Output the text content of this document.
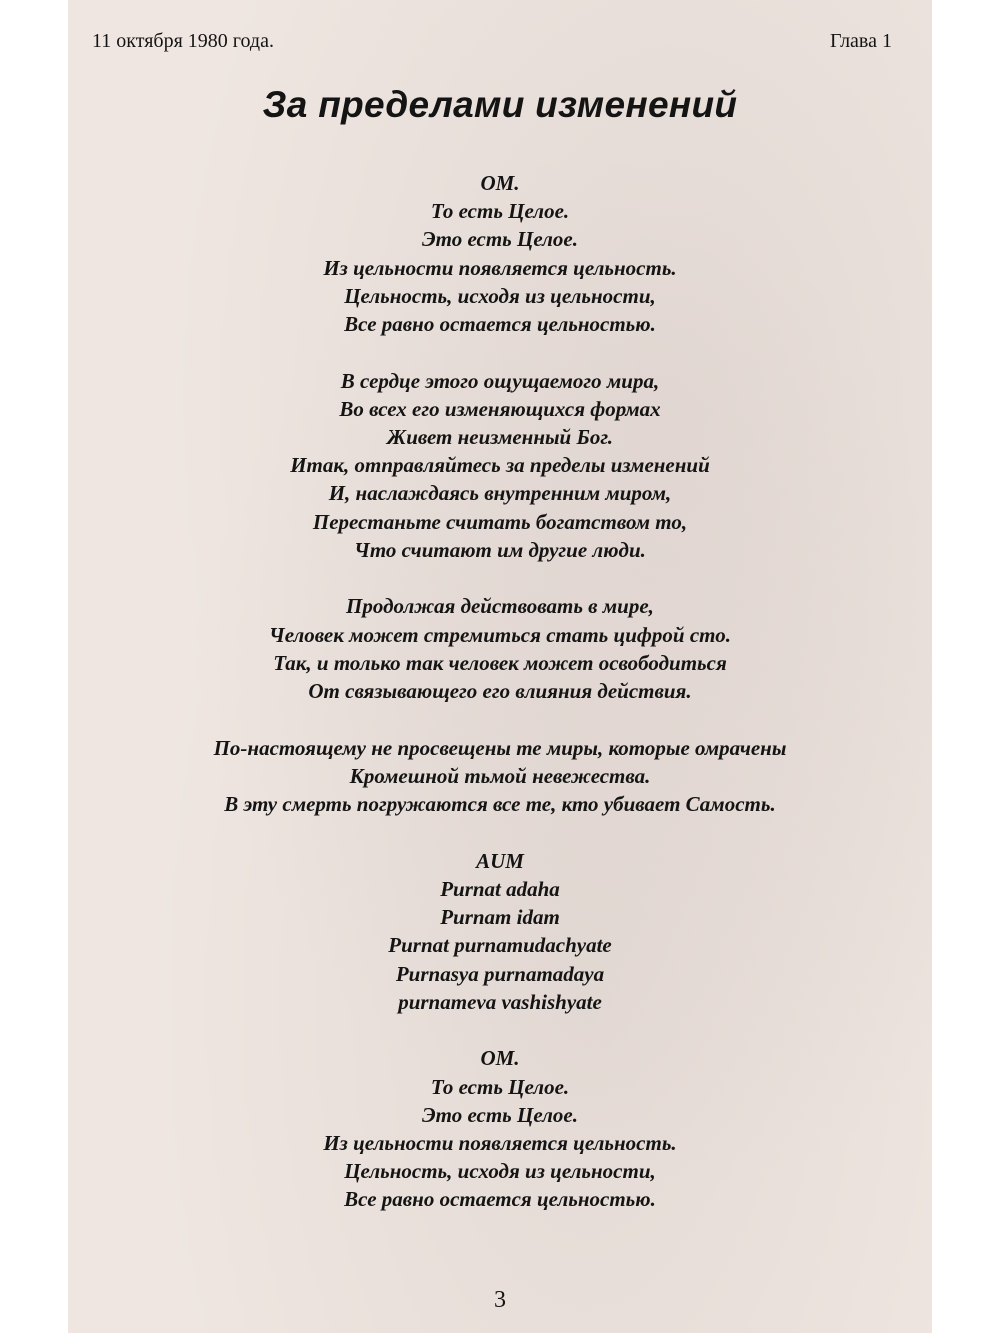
11 октября 1980 года.	Глава 1
За пределами изменений
ОМ.
То есть Целое.
Это есть Целое.
Из цельности появляется цельность.
Цельность, исходя из цельности,
Все равно остается цельностью.
В сердце этого ощущаемого мира,
Во всех его изменяющихся формах
Живет неизменный Бог.
Итак, отправляйтесь за пределы изменений
И, наслаждаясь внутренним миром,
Перестаньте считать богатством то,
Что считают им другие люди.
Продолжая действовать в мире,
Человек может стремиться стать цифрой сто.
Так, и только так человек может освободиться
От связывающего его влияния действия.
По-настоящему не просвещены те миры, которые омрачены
Кромешной тьмой невежества.
В эту смерть погружаются все те, кто убивает Самость.
AUM
Purnat adaha
Purnam idam
Purnat purnamudachyate
Purnasya purnamadaya
purnameva vashishyate
ОМ.
То есть Целое.
Это есть Целое.
Из цельности появляется цельность.
Цельность, исходя из цельности,
Все равно остается цельностью.
3
